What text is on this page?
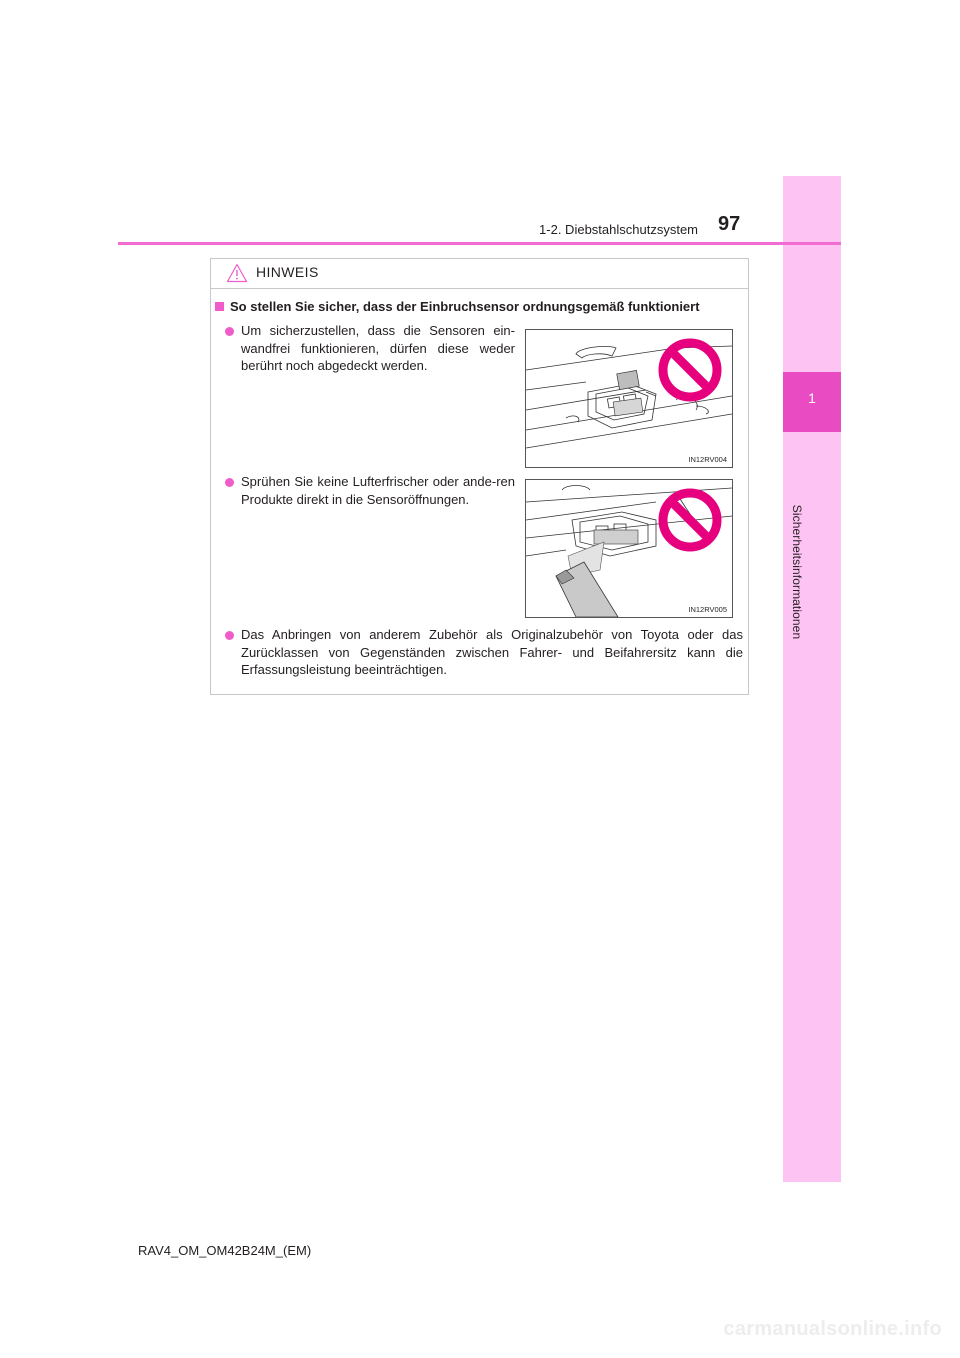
1
Sicherheitsinformationen
1-2. Diebstahlschutzsystem 97
HINWEIS
So stellen Sie sicher, dass der Einbruchsensor ordnungsgemäß funktioniert
Um sicherzustellen, dass die Sensoren ein-wandfrei funktionieren, dürfen diese weder berührt noch abgedeckt werden.
IN12RV004
Sprühen Sie keine Lufterfrischer oder ande-ren Produkte direkt in die Sensoröffnungen.
IN12RV005
Das Anbringen von anderem Zubehör als Originalzubehör von Toyota oder das Zurücklassen von Gegenständen zwischen Fahrer- und Beifahrersitz kann die Erfassungsleistung beeinträchtigen.
RAV4_OM_OM42B24M_(EM)
carmanualsonline.info
